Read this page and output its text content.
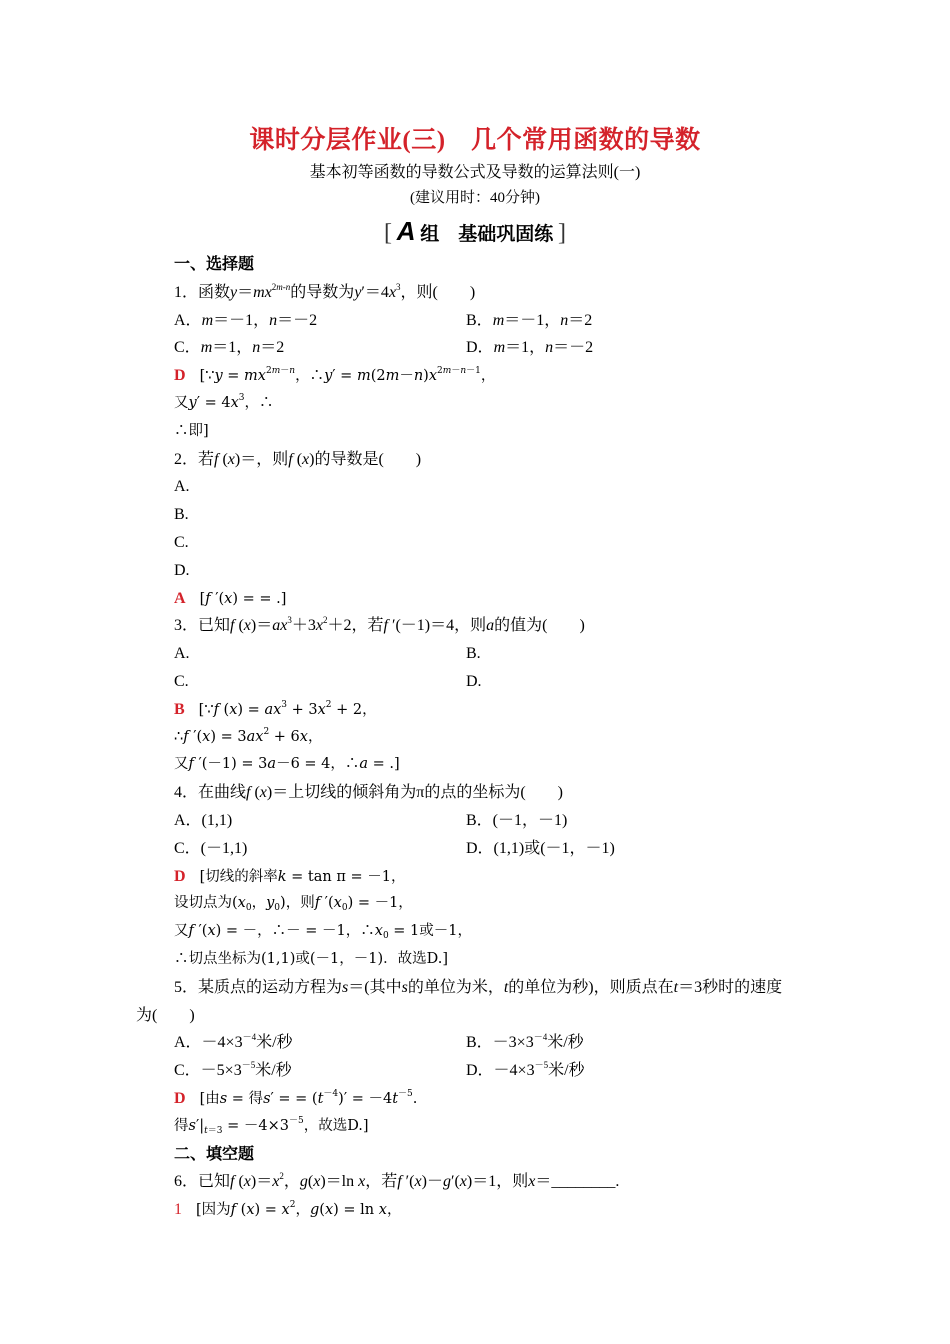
课时分层作业(三)　几个常用函数的导数
基本初等函数的导数公式及导数的运算法则(一)
(建议用时：40分钟)
[ A 组　基础巩固练 ]
一、选择题
1．函数$y=mx^{2m-n}$的导数为$y'=4x^3$，则(　　)
A．m＝－1，n＝－2	B．m＝－1，n＝2
C．m＝1，n＝2	D．m＝1，n＝－2
D [∵y = $mx^{2m-n}$，∴y′ = $m(2m-n)x^{2m-n-1}$，
又$y' = 4x^3$，∴
∴即]
2．若f (x)＝，则f (x)的导数是(　　)
A.
B.
C.
D.
A [f ′(x) = = .]
3．已知f $(x)=ax^3+3x^2+2$，若f ′(－1)＝4，则a的值为(　　)
A.	B.
C.	D.
B [∵f $(x) = ax^3 + 3x^2 + 2$，
∴f $'(x) = 3ax^2 + 6x$，
又f ′(－1) = 3a－6 = 4，∴a = .]
4．在曲线f (x)＝上切线的倾斜角为π的点的坐标为(　　)
A．(1,1)	B．(－1，－1)
C．(－1,1)	D．(1,1)或(－1，－1)
D [切线的斜率k = tan π = －1，
设切点为($x_0$，$y_0$)，则f $'(x_0) = -1$，
又f ′(x) = －，∴－ = －1，$\therefore x_0 = 1$或－1，
∴切点坐标为(1,1)或(－1，－1)．故选D.]
5．某质点的运动方程为s＝(其中s的单位为米，t的单位为秒)，则质点在t＝3秒时的速度
为(　　)
A．$-4\times 3^{-4}$米/秒	B．$-3\times 3^{-4}$米/秒
C．$-5\times 3^{-5}$米/秒	D．$-4\times 3^{-5}$米/秒
D [由s = 得s′ = = $(t^{-4})' = -4t^{-5}$.
得$s'|_{t=3} = -4\times 3^{-5}$，故选D.]
二、填空题
6．已知f $(x)=x^2$，g(x)＝ln x，若f ′(x)－g′(x)＝1，则x＝________.
1 [因为f $(x) = x^2$，g(x) = ln x，
